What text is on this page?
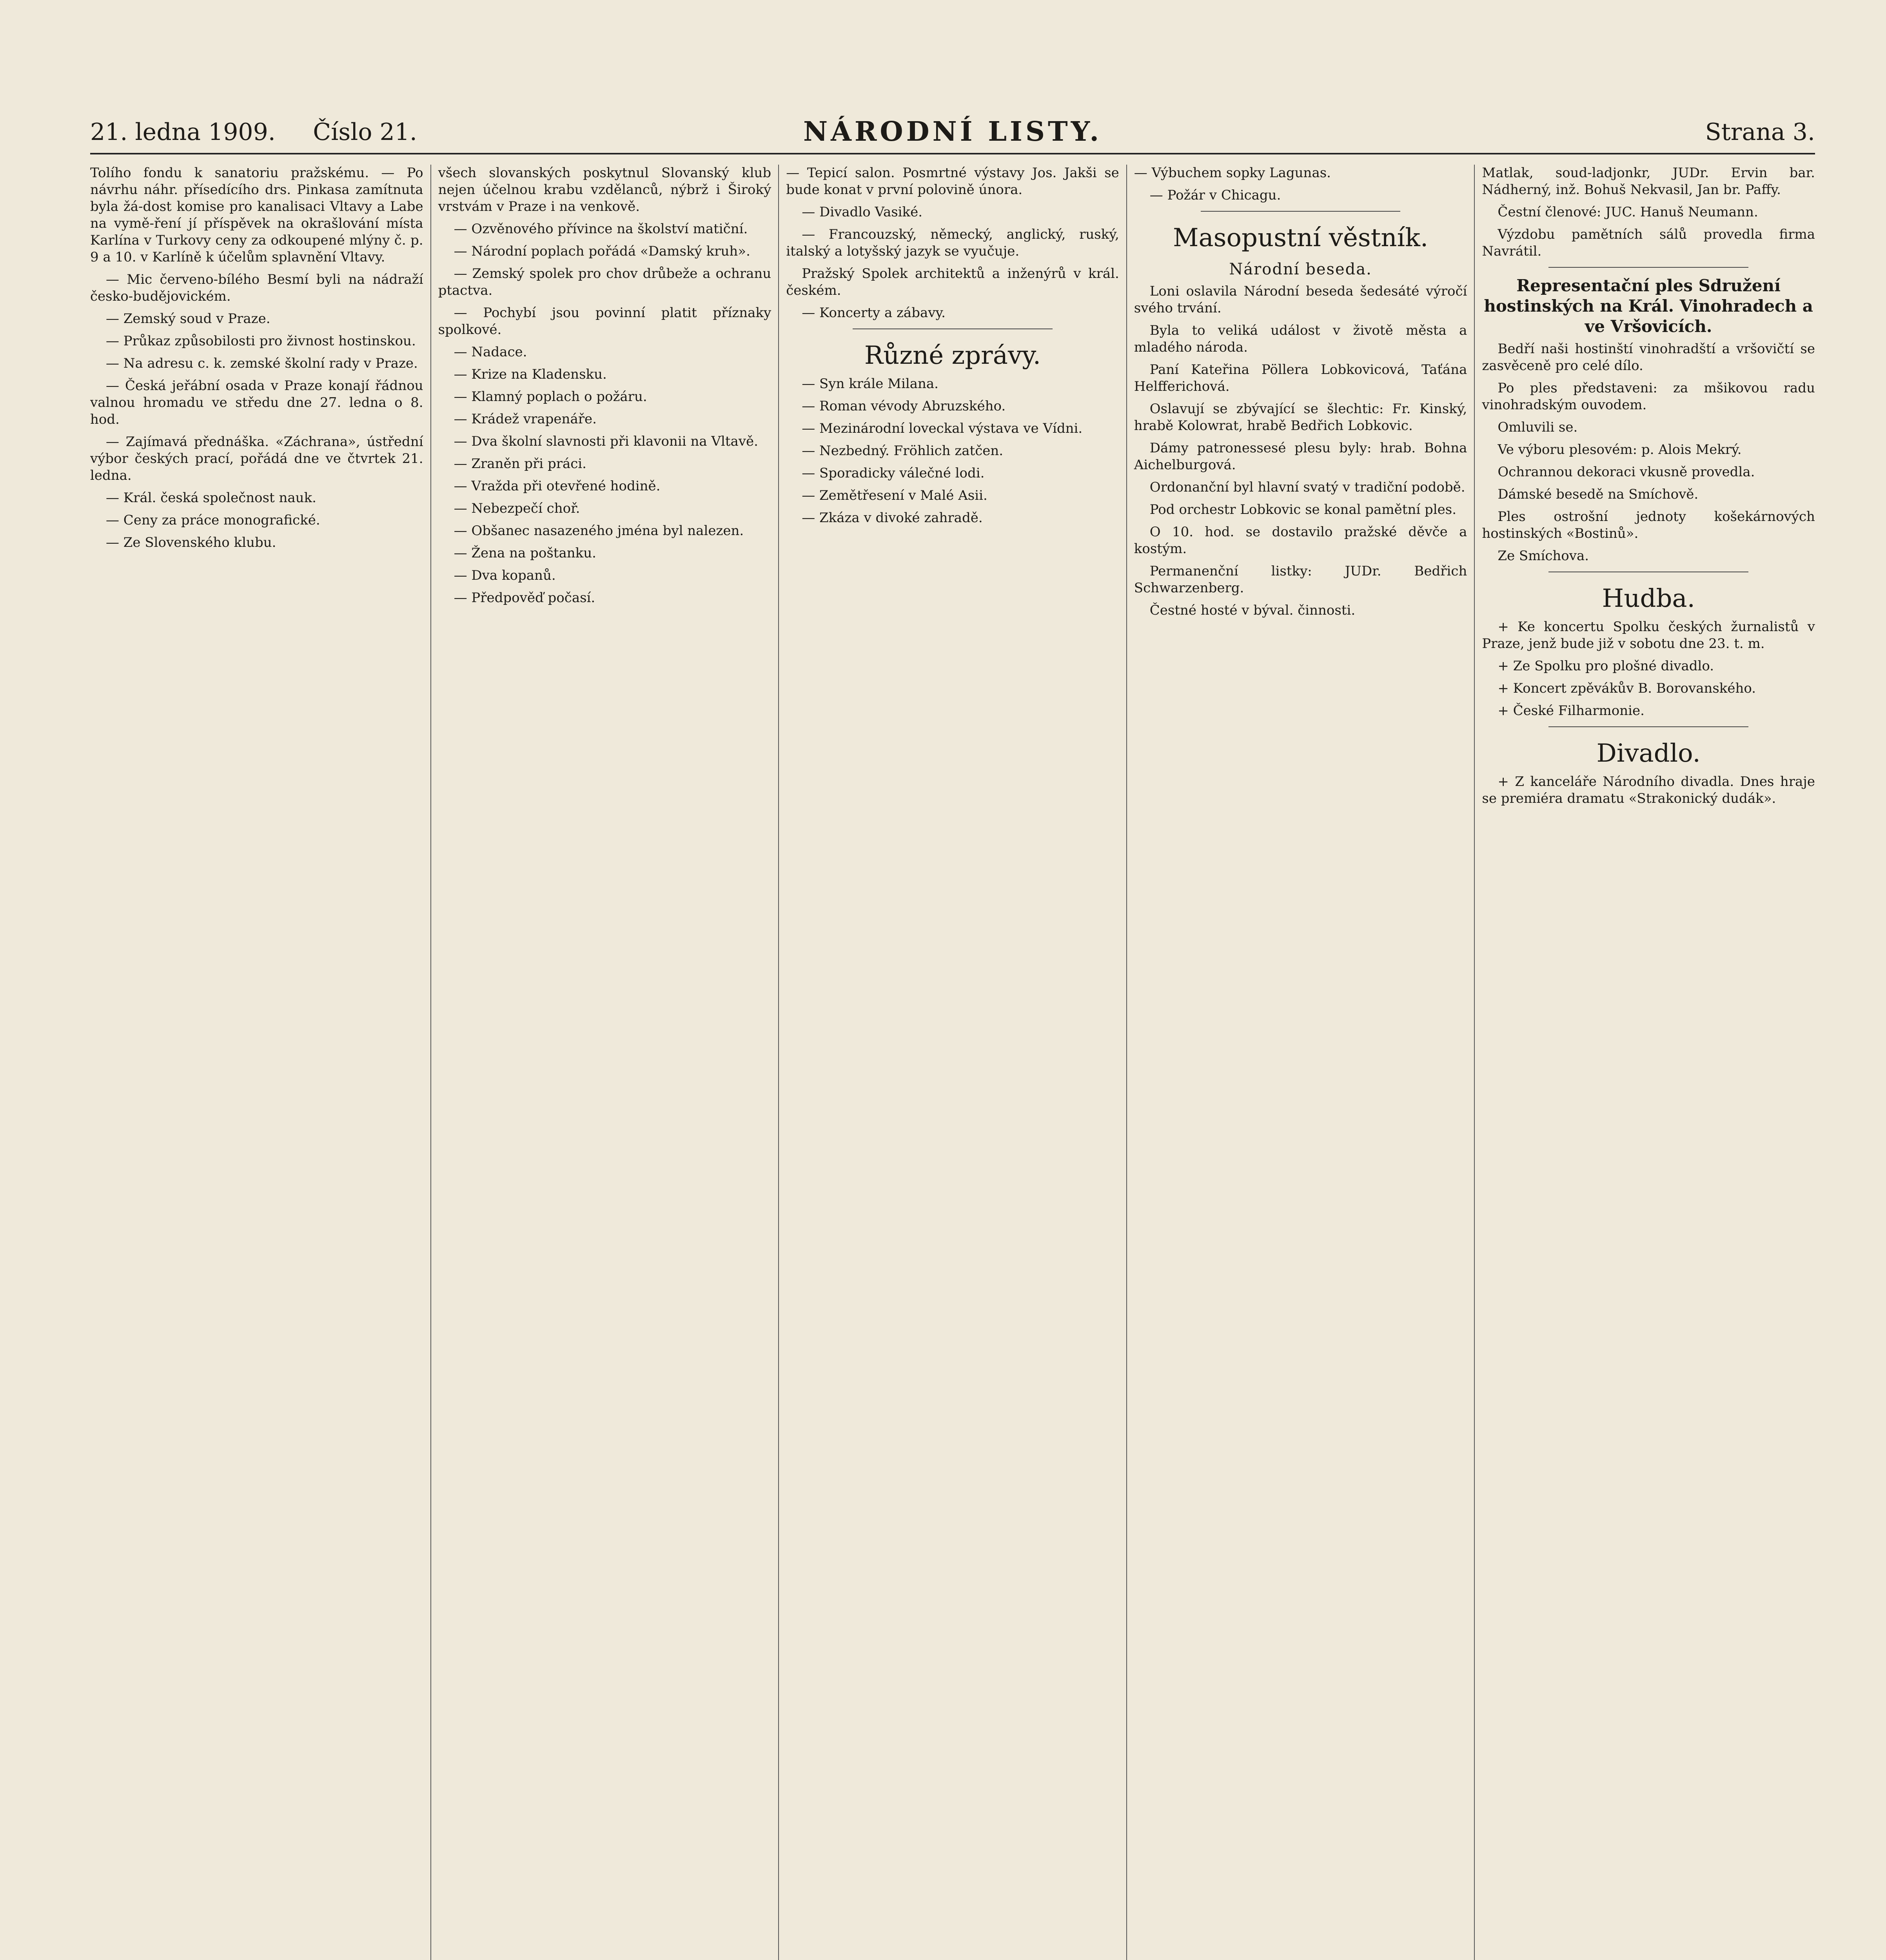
21. ledna 1909. Číslo 21.	NÁRODNÍ LISTY.	Strana 3.

Tolího fondu k sanatoriu pražskému. — Po návrhu náhr. přísedícího drs. Pinkasa zamítnuta byla žá-dost komise pro kanalisaci Vltavy a Labe na vymě-ření jí příspěvek na okrašlování místa Karlína v Turkovy ceny za odkoupené mlýny č. p. 9 a 10. v Karlíně k účelům splavnění Vltavy.

— Mic červeno-bílého Besmí byli na nádraží česko-budějovickém.

— Zemský soud v Praze.

— Průkaz způsobilosti pro živnost hostinskou.

— Na adresu c. k. zemské školní rady v Praze.

— Česká jeřábní osada v Praze konají řádnou valnou hromadu ve středu dne 27. ledna o 8. hod.

— Zajímavá přednáška. «Záchrana», ústřední výbor českých prací, pořádá dne ve čtvrtek 21. ledna.

— Král. česká společnost nauk.

— Ceny za práce monografické.

— Ze Slovenského klubu.

všech slovanských poskytnul Slovanský klub nejen účelnou krabu vzdělanců, nýbrž i Široký vrstvám v Praze i na venkově.

— Ozvěnového přívince na školství matiční.

— Národní poplach pořádá «Damský kruh».

— Zemský spolek pro chov drůbeže a ochranu ptactva.

— Pochybí jsou povinní platit příznaky spolkové.

— Nadace.

— Krize na Kladensku.

— Klamný poplach o požáru.

— Krádež vrapenáře.

— Dva školní slavnosti při klavonii na Vltavě.

— Zraněn při práci.

— Vražda při otevřené hodině.

— Nebezpečí choř.

— Obšanec nasazeného jména byl nalezen.

— Žena na poštanku.

— Dva kopanů.

— Předpověď počasí.

— Tepicí salon. Posmrtné výstavy Jos. Jakši se bude konat v první polovině února.

— Divadlo Vasiké.

— Francouzský, německý, anglický, ruský, italský a lotyšský jazyk se vyučuje.

Pražský Spolek architektů a inženýrů v král. českém.

— Koncerty a zábavy.

Různé zprávy.

— Syn krále Milana.

— Roman vévody Abruzského.

— Mezinárodní loveckal výstava ve Vídni.

— Nezbedný. Fröhlich zatčen.

— Sporadicky válečné lodi.

— Zemětřesení v Malé Asii.

— Zkáza v divoké zahradě.

— Výbuchem sopky Lagunas.

— Požár v Chicagu.

Masopustní věstník.
Národní beseda.

Loni oslavila Národní beseda šedesáté výročí svého trvání.

Byla to veliká událost v životě města a mladého národa.

Paní Kateřina Pöllera Lobkovicová, Taťána Helfferichová.

Oslavují se zbývající se šlechtic: Fr. Kinský, hrabě Kolowrat, hrabě Bedřich Lobkovic.

Dámy patronessesé plesu byly: hrab. Bohna Aichelburgová.

Ordonanční byl hlavní svatý v tradiční podobě.

Pod orchestr Lobkovic se konal pamětní ples.

O 10. hod. se dostavilo pražské děvče a kostým.

Permanenční listky: JUDr. Bedřich Schwarzenberg.

Čestné hosté v býval. činnosti.

Matlak, soud-ladjonkr, JUDr. Ervin bar. Nádherný, inž. Bohuš Nekvasil, Jan br. Paffy.

Čestní členové: JUC. Hanuš Neumann.

Výzdobu pamětních sálů provedla firma Navrátil.

Representační ples Sdružení hostinských na Král. Vinohradech a ve Vršovicích.

Bedří naši hostinští vinohradští a vršovičtí se zasvěceně pro celé dílo.

Po ples představeni: za mšikovou radu vinohradským ouvodem.

Omluvili se.

Ve výboru plesovém: p. Alois Mekrý.

Ochrannou dekoraci vkusně provedla.

Dámské besedě na Smíchově.

Ples ostrošní jednoty košekárnových hostinských «Bostinů».

Ze Smíchova.

Hudba.

+ Ke koncertu Spolku českých žurnalistů v Praze, jenž bude již v sobotu dne 23. t. m.

+ Ze Spolku pro plošné divadlo.

+ Koncert zpěvákův B. Borovanského.

+ České Filharmonie.

Divadlo.

+ Z kanceláře Národního divadla. Dnes hraje se premiéra dramatu «Strakonický dudák».
